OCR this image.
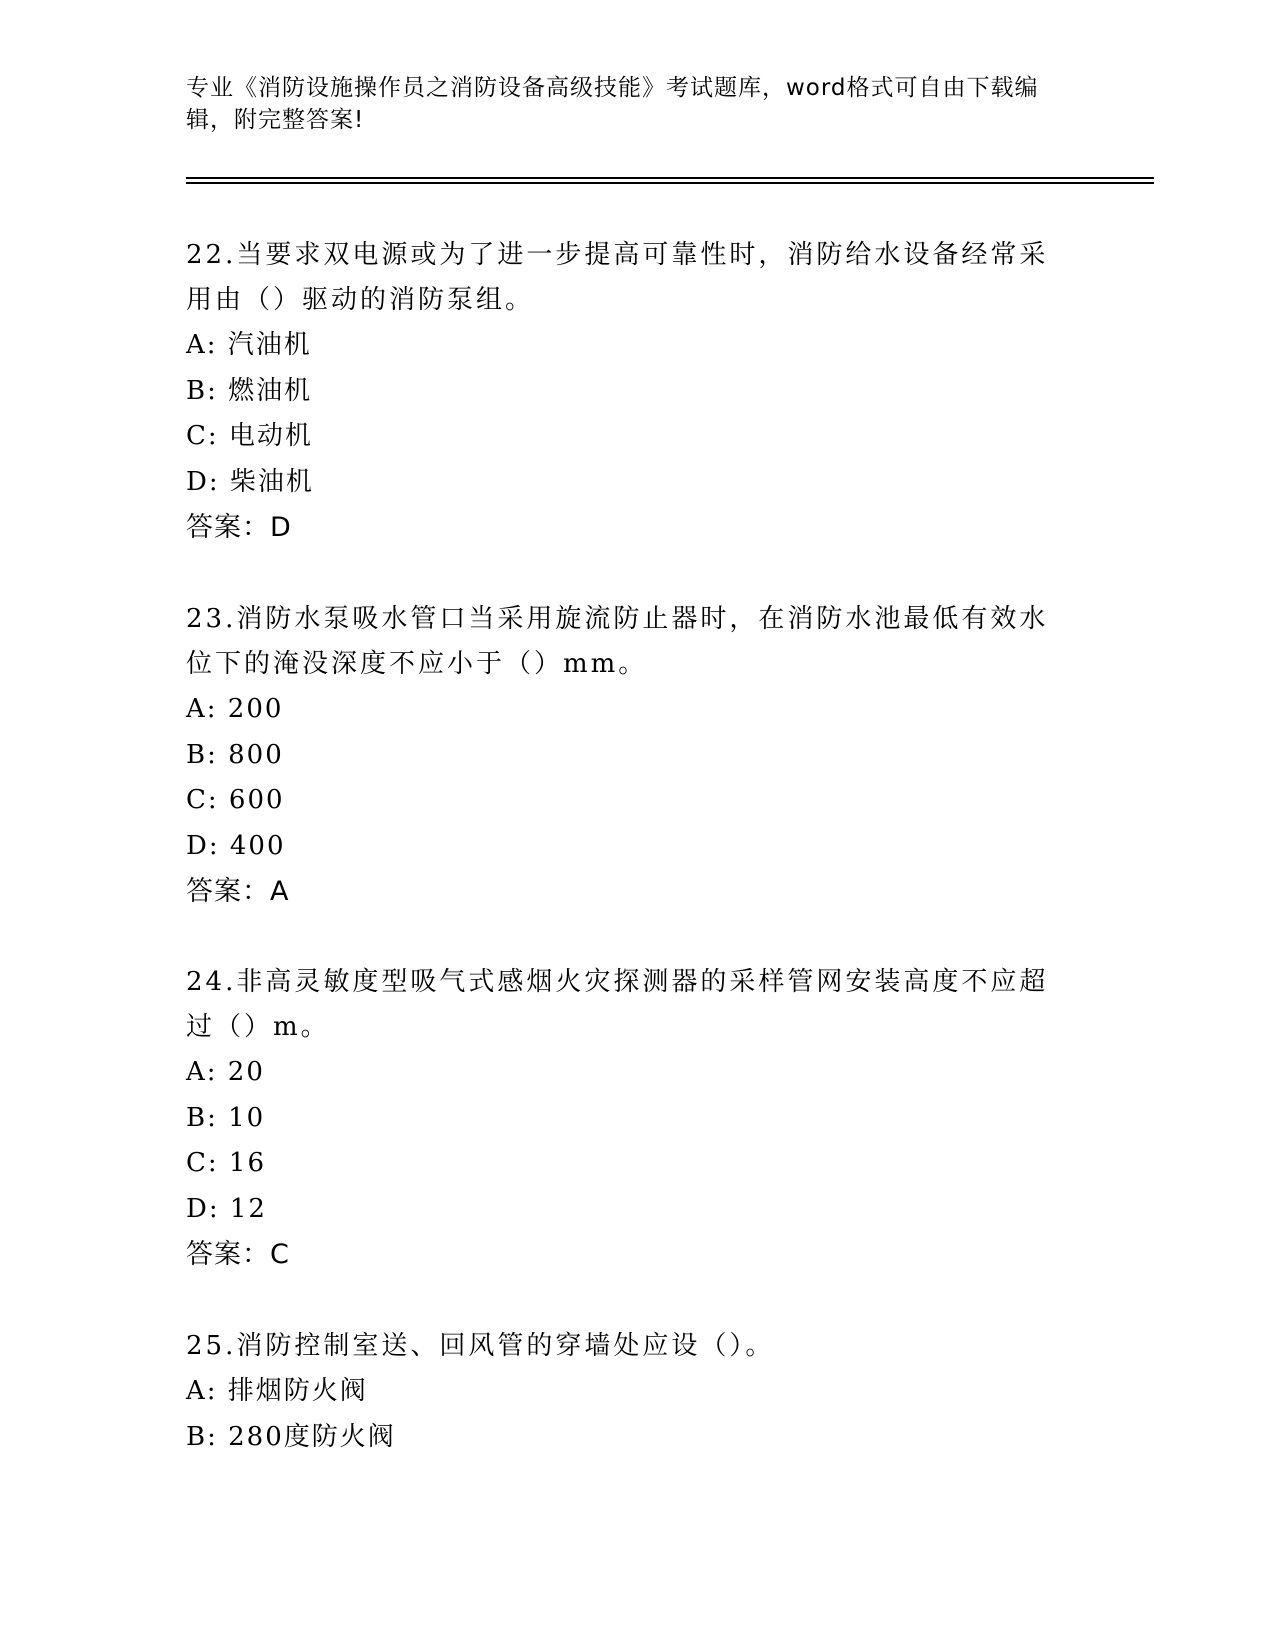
专业《消防设施操作员之消防设备高级技能》考试题库，word格式可自由下载编辑，附完整答案!

22.当要求双电源或为了进一步提高可靠性时，消防给水设备经常采用由（）驱动的消防泵组。

A: 汽油机

B: 燃油机

C: 电动机

D: 柴油机

答案：D

23.消防水泵吸水管口当采用旋流防止器时，在消防水池最低有效水位下的淹没深度不应小于（）mm。

A: 200

B: 800

C: 600

D: 400

答案：A

24.非高灵敏度型吸气式感烟火灾探测器的采样管网安装高度不应超过（）m。

A: 20

B: 10

C: 16

D: 12

答案：C

25.消防控制室送、回风管的穿墙处应设（）。

A: 排烟防火阀

B: 280度防火阀
